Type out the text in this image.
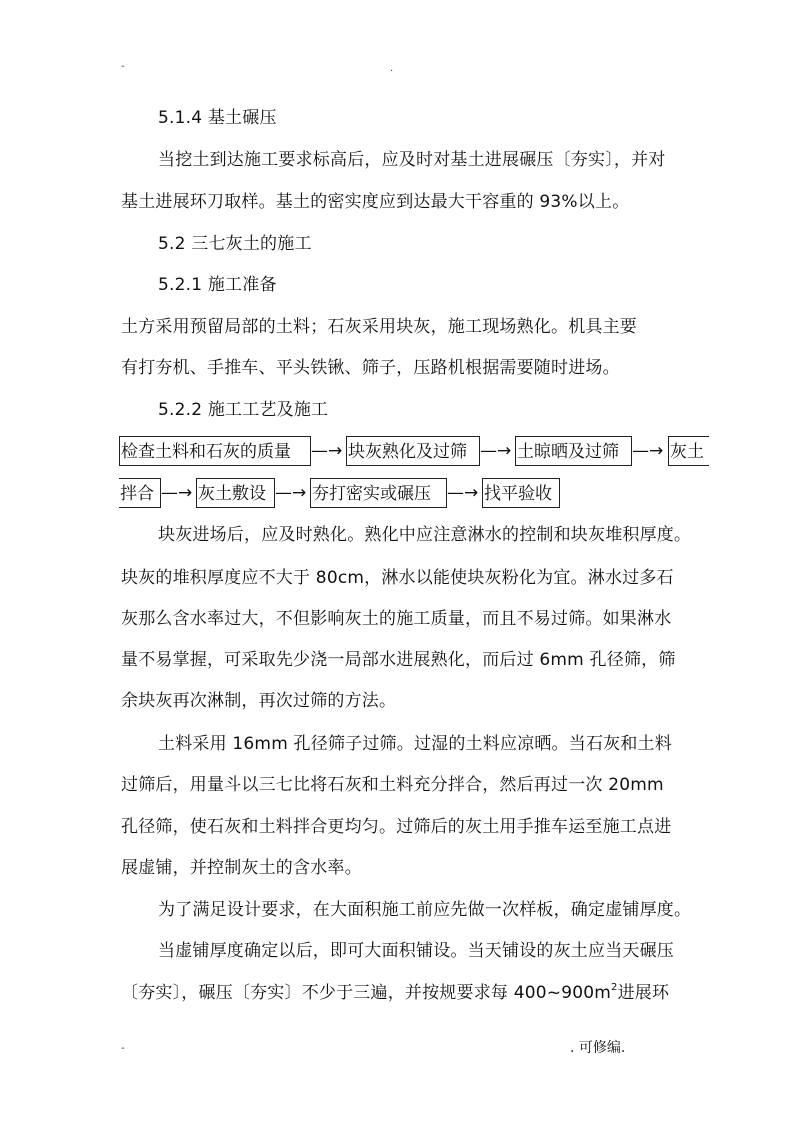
-	.
5.1.4 基土碾压
当挖土到达施工要求标高后，应及时对基土进展碾压〔夯实〕，并对
基土进展环刀取样。基土的密实度应到达最大干容重的 93%以上。
5.2 三七灰土的施工
5.2.1 施工准备
土方采用预留局部的土料；石灰采用块灰，施工现场熟化。机具主要
有打夯机、手推车、平头铁锹、筛子，压路机根据需要随时进场。
5.2.2 施工工艺及施工
检查土料和石灰的质量	—→ 块灰熟化及过筛 —→ 土晾晒及过筛 —→ 灰土
拌合 —→ 灰土敷设 —→ 夯打密实或碾压 —→ 找平验收
块灰进场后，应及时熟化。熟化中应注意淋水的控制和块灰堆积厚度。
块灰的堆积厚度应不大于 80cm，淋水以能使块灰粉化为宜。淋水过多石
灰那么含水率过大，不但影响灰土的施工质量，而且不易过筛。如果淋水
量不易掌握，可采取先少浇一局部水进展熟化，而后过 6mm 孔径筛，筛
余块灰再次淋制，再次过筛的方法。
土料采用 16mm 孔径筛子过筛。过湿的土料应凉晒。当石灰和土料
过筛后，用量斗以三七比将石灰和土料充分拌合，然后再过一次 20mm
孔径筛，使石灰和土料拌合更均匀。过筛后的灰土用手推车运至施工点进
展虚铺，并控制灰土的含水率。
为了满足设计要求，在大面积施工前应先做一次样板，确定虚铺厚度。
当虚铺厚度确定以后，即可大面积铺设。当天铺设的灰土应当天碾压
〔夯实〕，碾压〔夯实〕不少于三遍，并按规要求每 $400\sim 900m^2$进展环
-	. 可修编.
